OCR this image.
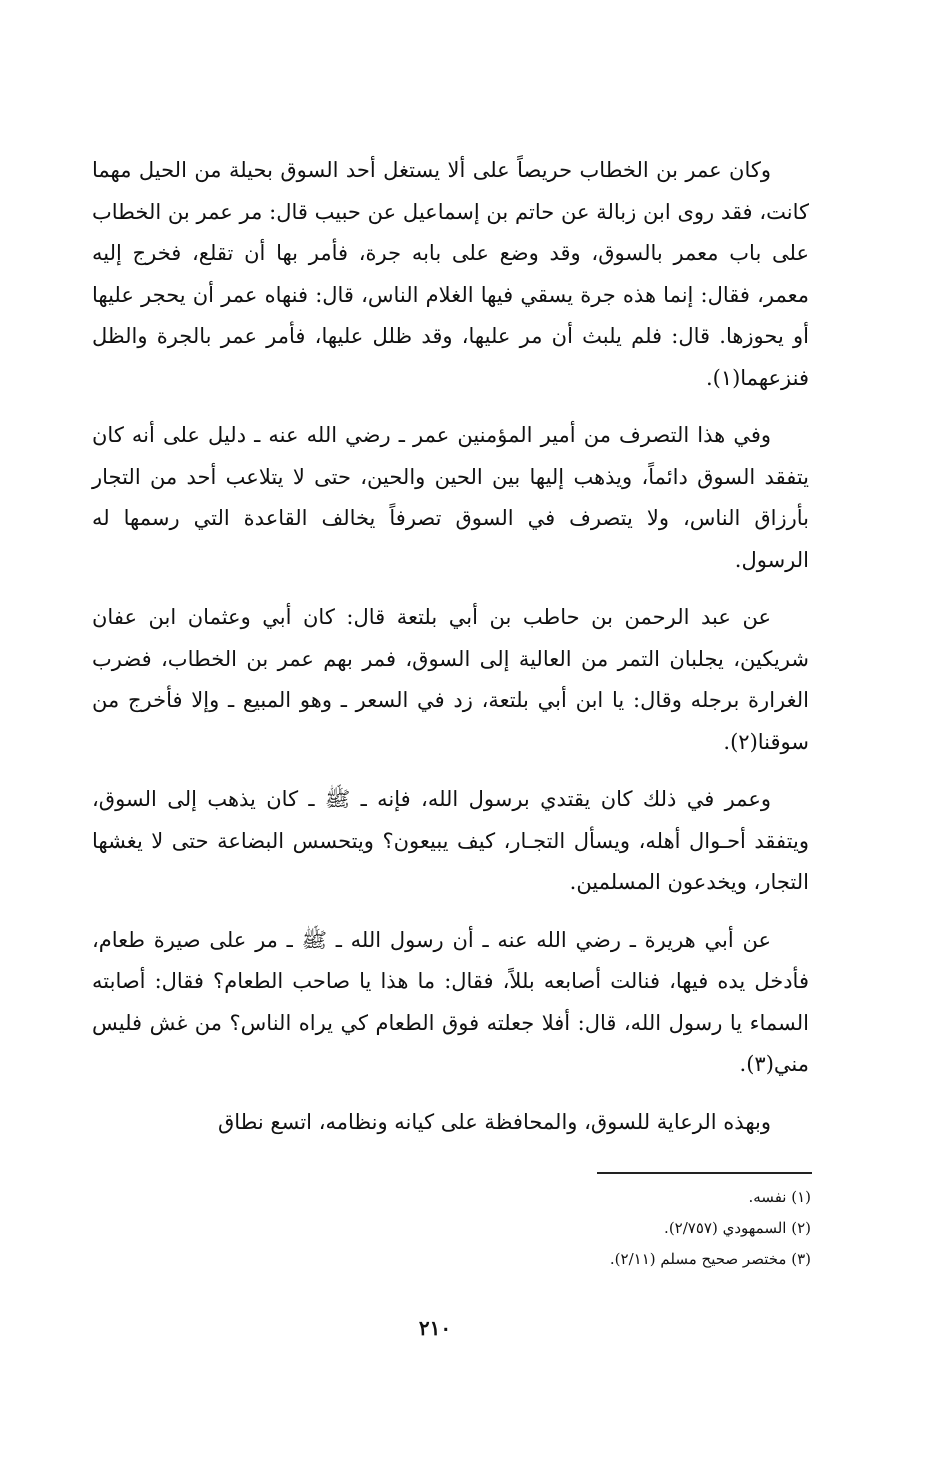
وكان عمر بن الخطاب حريصاً على ألا يستغل أحد السوق بحيلة من الحيل مهما كانت، فقد روى ابن زبالة عن حاتم بن إسماعيل عن حبيب قال: مر عمر بن الخطاب على باب معمر بالسوق، وقد وضع على بابه جرة، فأمر بها أن تقلع، فخرج إليه معمر، فقال: إنما هذه جرة يسقي فيها الغلام الناس، قال: فنهاه عمر أن يحجر عليها أو يحوزها. قال: فلم يلبث أن مر عليها، وقد ظلل عليها، فأمر عمر بالجرة والظل فنزعهما(١).

وفي هذا التصرف من أمير المؤمنين عمر ـ رضي الله عنه ـ دليل على أنه كان يتفقد السوق دائماً، ويذهب إليها بين الحين والحين، حتى لا يتلاعب أحد من التجار بأرزاق الناس، ولا يتصرف في السوق تصرفاً يخالف القاعدة التي رسمها له الرسول.

عن عبد الرحمن بن حاطب بن أبي بلتعة قال: كان أبي وعثمان ابن عفان شريكين، يجلبان التمر من العالية إلى السوق، فمر بهم عمر بن الخطاب، فضرب الغرارة برجله وقال: يا ابن أبي بلتعة، زد في السعر ـ وهو المبيع ـ وإلا فأخرج من سوقنا(٢).

وعمر في ذلك كان يقتدي برسول الله، فإنه ـ ﷺ ـ كان يذهب إلى السوق، ويتفقد أحـوال أهله، ويسأل التجـار، كيف يبيعون؟ ويتحسس البضاعة حتى لا يغشها التجار، ويخدعون المسلمين.

عن أبي هريرة ـ رضي الله عنه ـ أن رسول الله ـ ﷺ ـ مر على صيرة طعام، فأدخل يده فيها، فنالت أصابعه بللاً، فقال: ما هذا يا صاحب الطعام؟ فقال: أصابته السماء يا رسول الله، قال: أفلا جعلته فوق الطعام كي يراه الناس؟ من غش فليس مني(٣).

وبهذه الرعاية للسوق، والمحافظة على كيانه ونظامه، اتسع نطاق

(١) نفسه.

(٢) السمهودي (٢/٧٥٧).

(٣) مختصر صحيح مسلم (٢/١١).

٢١٠
